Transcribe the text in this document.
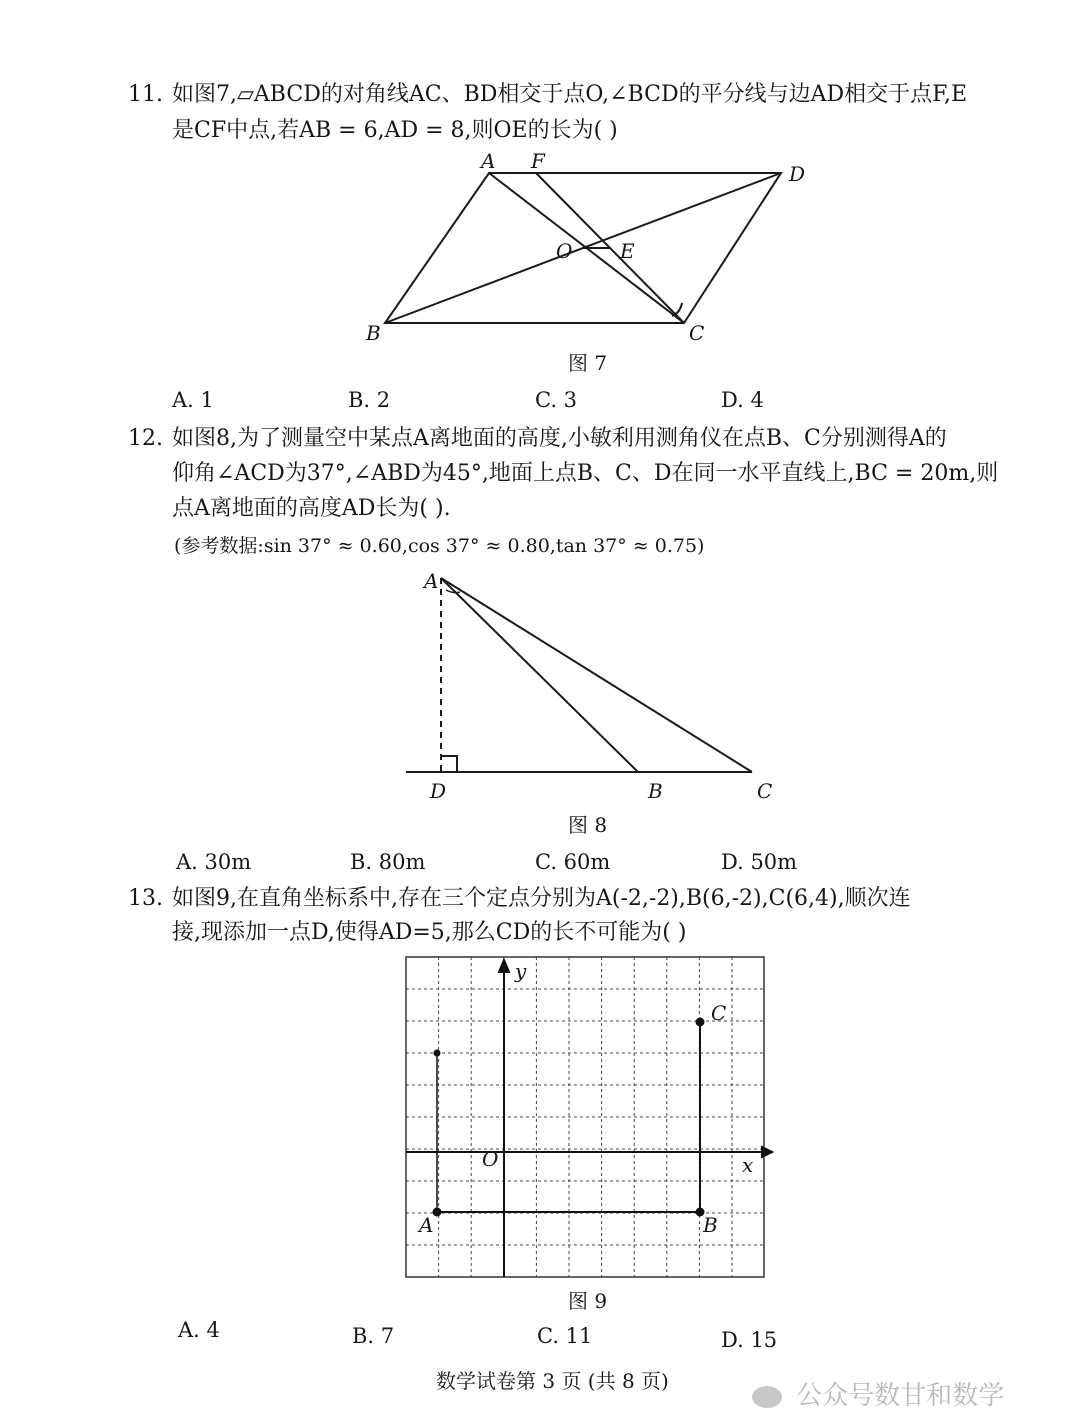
11. 如图7,▱ABCD的对角线AC、BD相交于点O,∠BCD的平分线与边AD相交于点F,E
是CF中点,若AB = 6,AD = 8,则OE的长为( )
A F
D
O E
B	C
图 7
A. 1	B. 2	C. 3	D. 4
12. 如图8,为了测量空中某点A离地面的高度,小敏利用测角仪在点B、C分别测得A的
仰角∠ACD为37°,∠ABD为45°,地面上点B、C、D在同一水平直线上,BC = 20m,则
点A离地面的高度AD长为( ).
(参考数据:sin 37° ≈ 0.60,cos 37° ≈ 0.80,tan 37° ≈ 0.75)
A
D	B	C
图 8
A. 30m	B. 80m	C. 60m	D. 50m
13. 如图9,在直角坐标系中,存在三个定点分别为A(-2,-2),B(6,-2),C(6,4),顺次连
接,现添加一点D,使得AD=5,那么CD的长不可能为( )
y
x
O
A	B
C
图 9
A. 4	B. 7	C. 11	D. 15
数学试卷第 3 页 (共 8 页)	公众号数甘和数学
